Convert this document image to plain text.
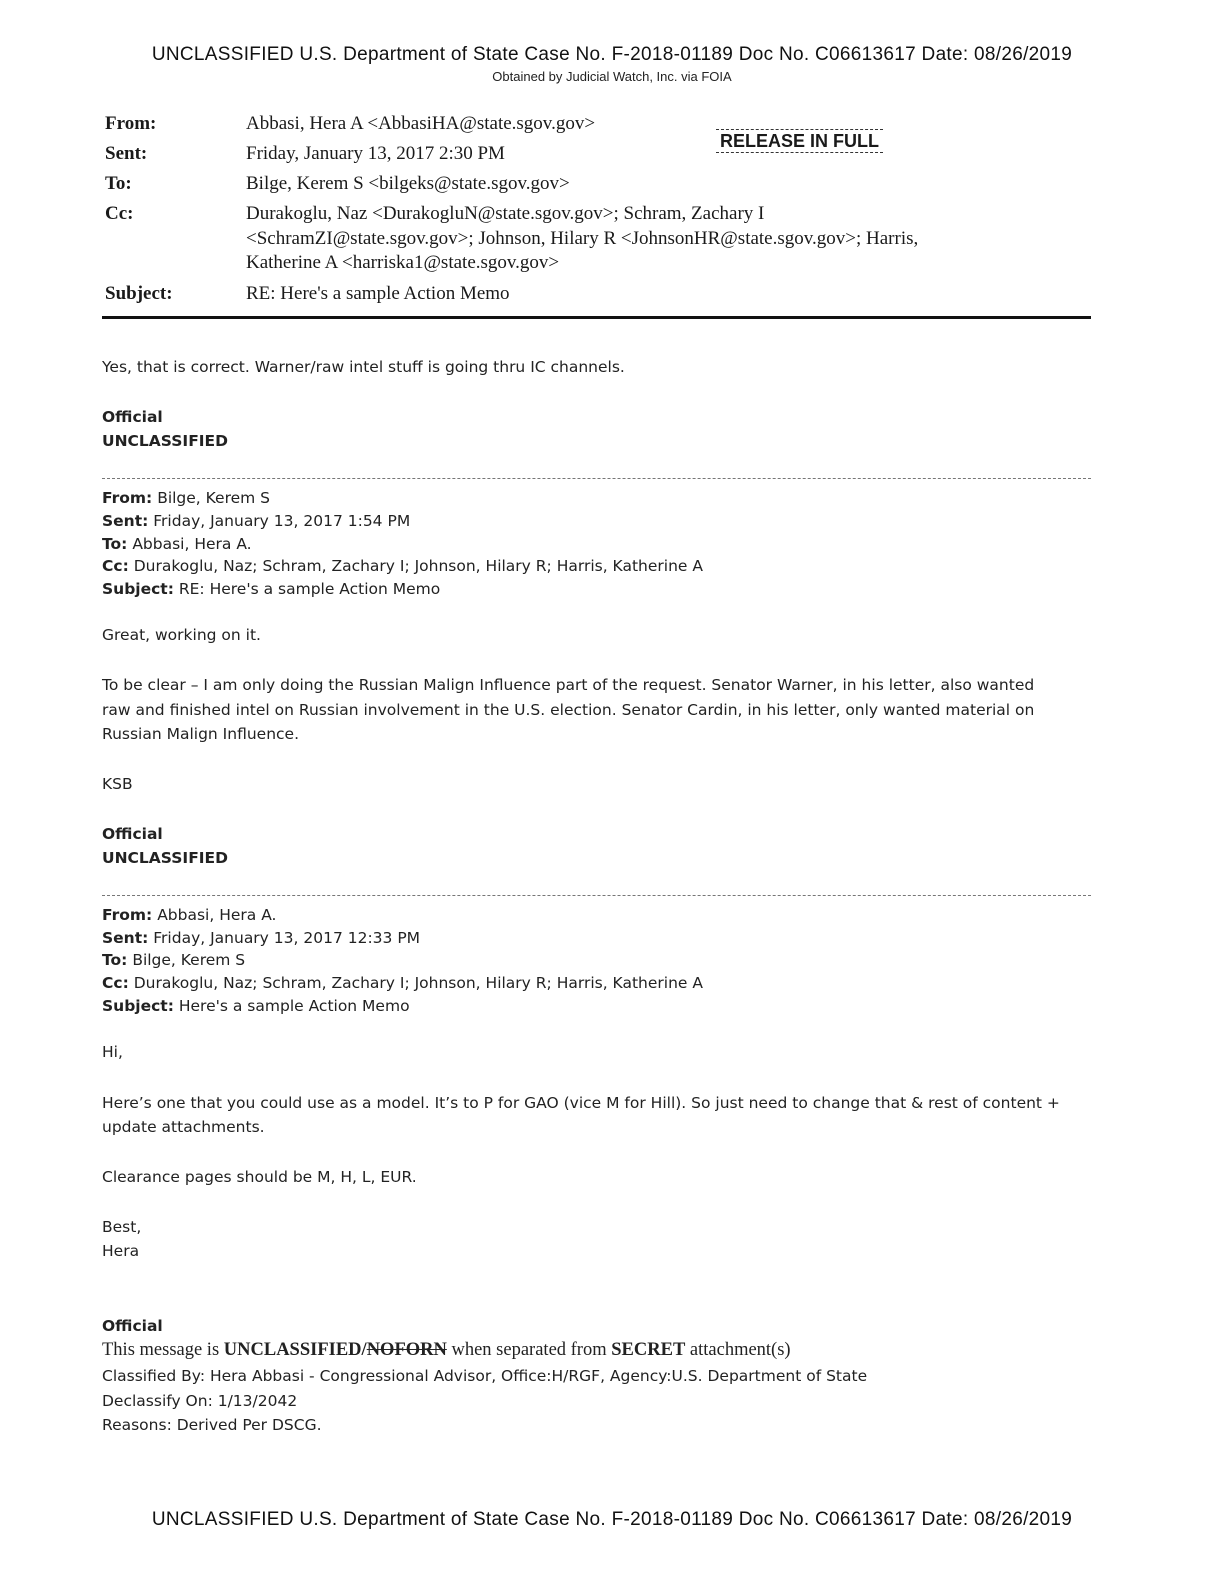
UNCLASSIFIED U.S. Department of State Case No. F-2018-01189 Doc No. C06613617 Date: 08/26/2019
Obtained by Judicial Watch, Inc. via FOIA
RELEASE IN FULL
From:	Abbasi, Hera A <AbbasiHA@state.sgov.gov>
Sent:	Friday, January 13, 2017 2:30 PM
To:	Bilge, Kerem S <bilgeks@state.sgov.gov>
Cc:	Durakoglu, Naz <DurakogluN@state.sgov.gov>; Schram, Zachary I
<SchramZI@state.sgov.gov>; Johnson, Hilary R <JohnsonHR@state.sgov.gov>; Harris,
Katherine A <harriska1@state.sgov.gov>
Subject:	RE: Here's a sample Action Memo
Yes, that is correct. Warner/raw intel stuff is going thru IC channels.
Official
UNCLASSIFIED
From: Bilge, Kerem S
Sent: Friday, January 13, 2017 1:54 PM
To: Abbasi, Hera A.
Cc: Durakoglu, Naz; Schram, Zachary I; Johnson, Hilary R; Harris, Katherine A
Subject: RE: Here's a sample Action Memo
Great, working on it.
To be clear – I am only doing the Russian Malign Influence part of the request. Senator Warner, in his letter, also wanted
raw and finished intel on Russian involvement in the U.S. election. Senator Cardin, in his letter, only wanted material on
Russian Malign Influence.
KSB
Official
UNCLASSIFIED
From: Abbasi, Hera A.
Sent: Friday, January 13, 2017 12:33 PM
To: Bilge, Kerem S
Cc: Durakoglu, Naz; Schram, Zachary I; Johnson, Hilary R; Harris, Katherine A
Subject: Here's a sample Action Memo
Hi,
Here’s one that you could use as a model. It’s to P for GAO (vice M for Hill). So just need to change that & rest of content +
update attachments.
Clearance pages should be M, H, L, EUR.
Best,
Hera
Official
This message is UNCLASSIFIED/NOFORN when separated from SECRET attachment(s)
Classified By: Hera Abbasi - Congressional Advisor, Office:H/RGF, Agency:U.S. Department of State
Declassify On: 1/13/2042
Reasons: Derived Per DSCG.
UNCLASSIFIED U.S. Department of State Case No. F-2018-01189 Doc No. C06613617 Date: 08/26/2019
